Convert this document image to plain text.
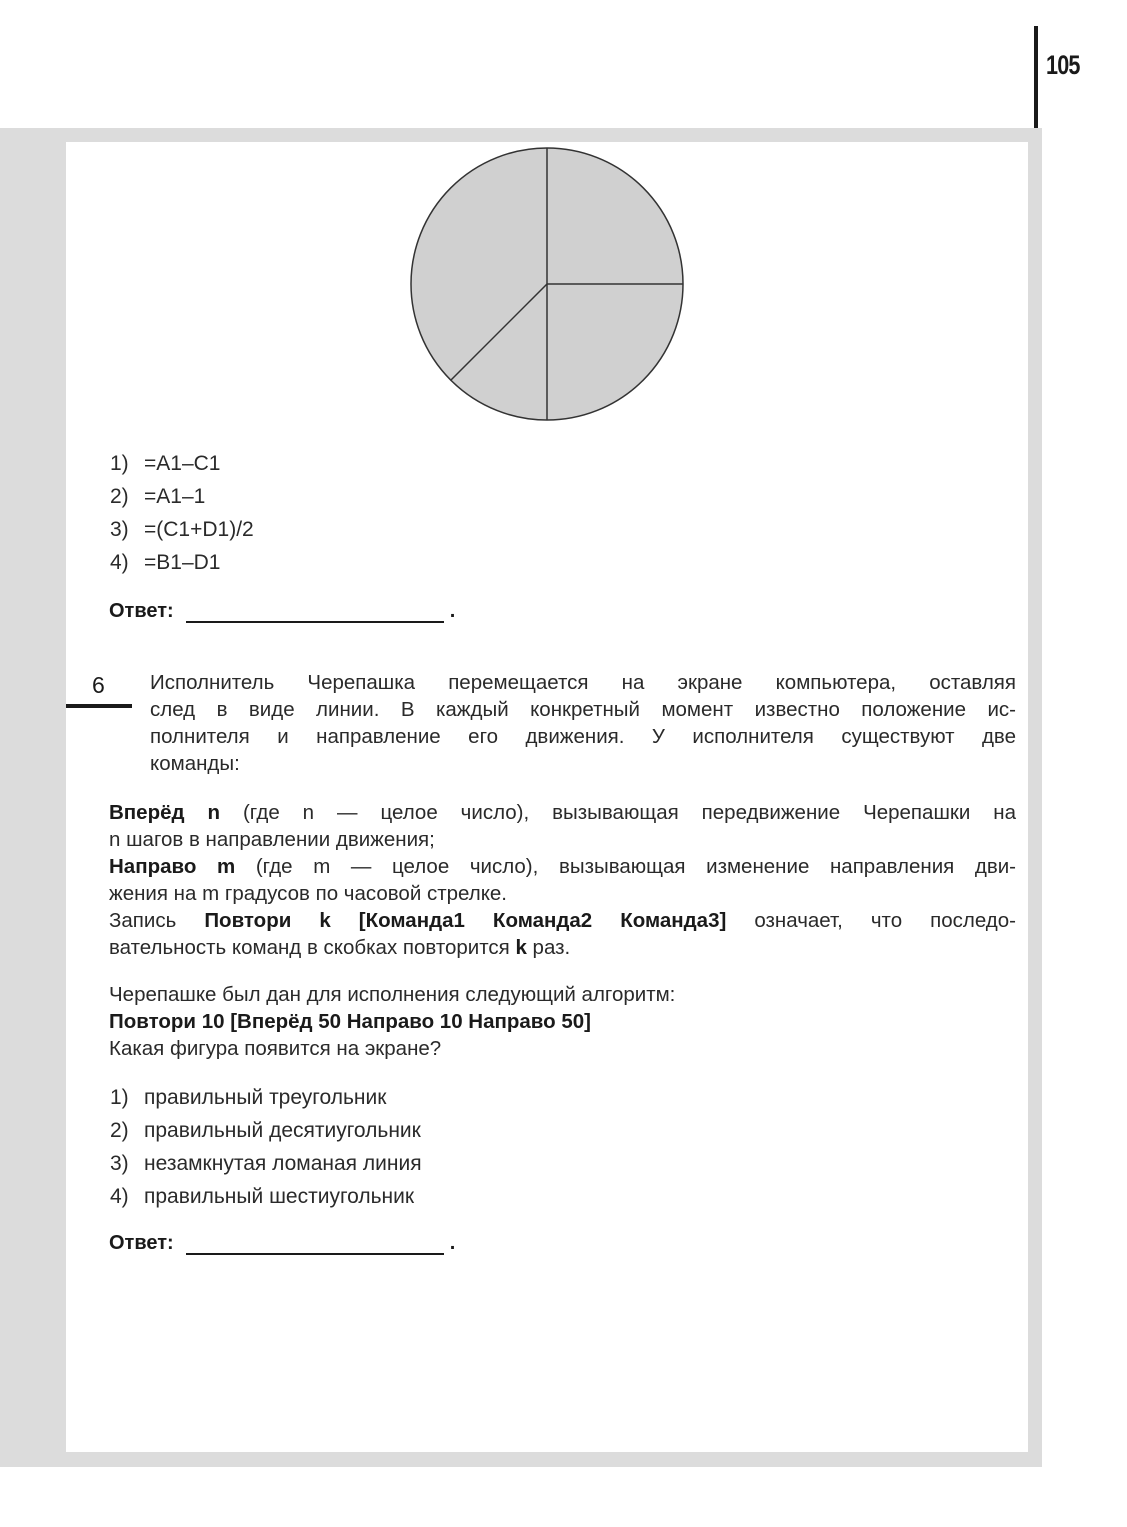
105
1) =A1–C1
2) =A1–1
3) =(C1+D1)/2
4) =B1–D1
Ответ:	.
6 Исполнитель Черепашка перемещается на экране компьютера, оставляя
след в виде линии. В каждый конкретный момент известно положение ис-
полнителя и направление его движения. У исполнителя существуют две
команды:
Вперёд n (где n — целое число), вызывающая передвижение Черепашки на
n шагов в направлении движения;
Направо m (где m — целое число), вызывающая изменение направления дви-
жения на m градусов по часовой стрелке.
Запись Повтори k [Команда1 Команда2 Команда3] означает, что последо-
вательность команд в скобках повторится k раз.
Черепашке был дан для исполнения следующий алгоритм:
Повтори 10 [Вперёд 50 Направо 10 Направо 50]
Какая фигура появится на экране?
1) правильный треугольник
2) правильный десятиугольник
3) незамкнутая ломаная линия
4) правильный шестиугольник
Ответ:	.
